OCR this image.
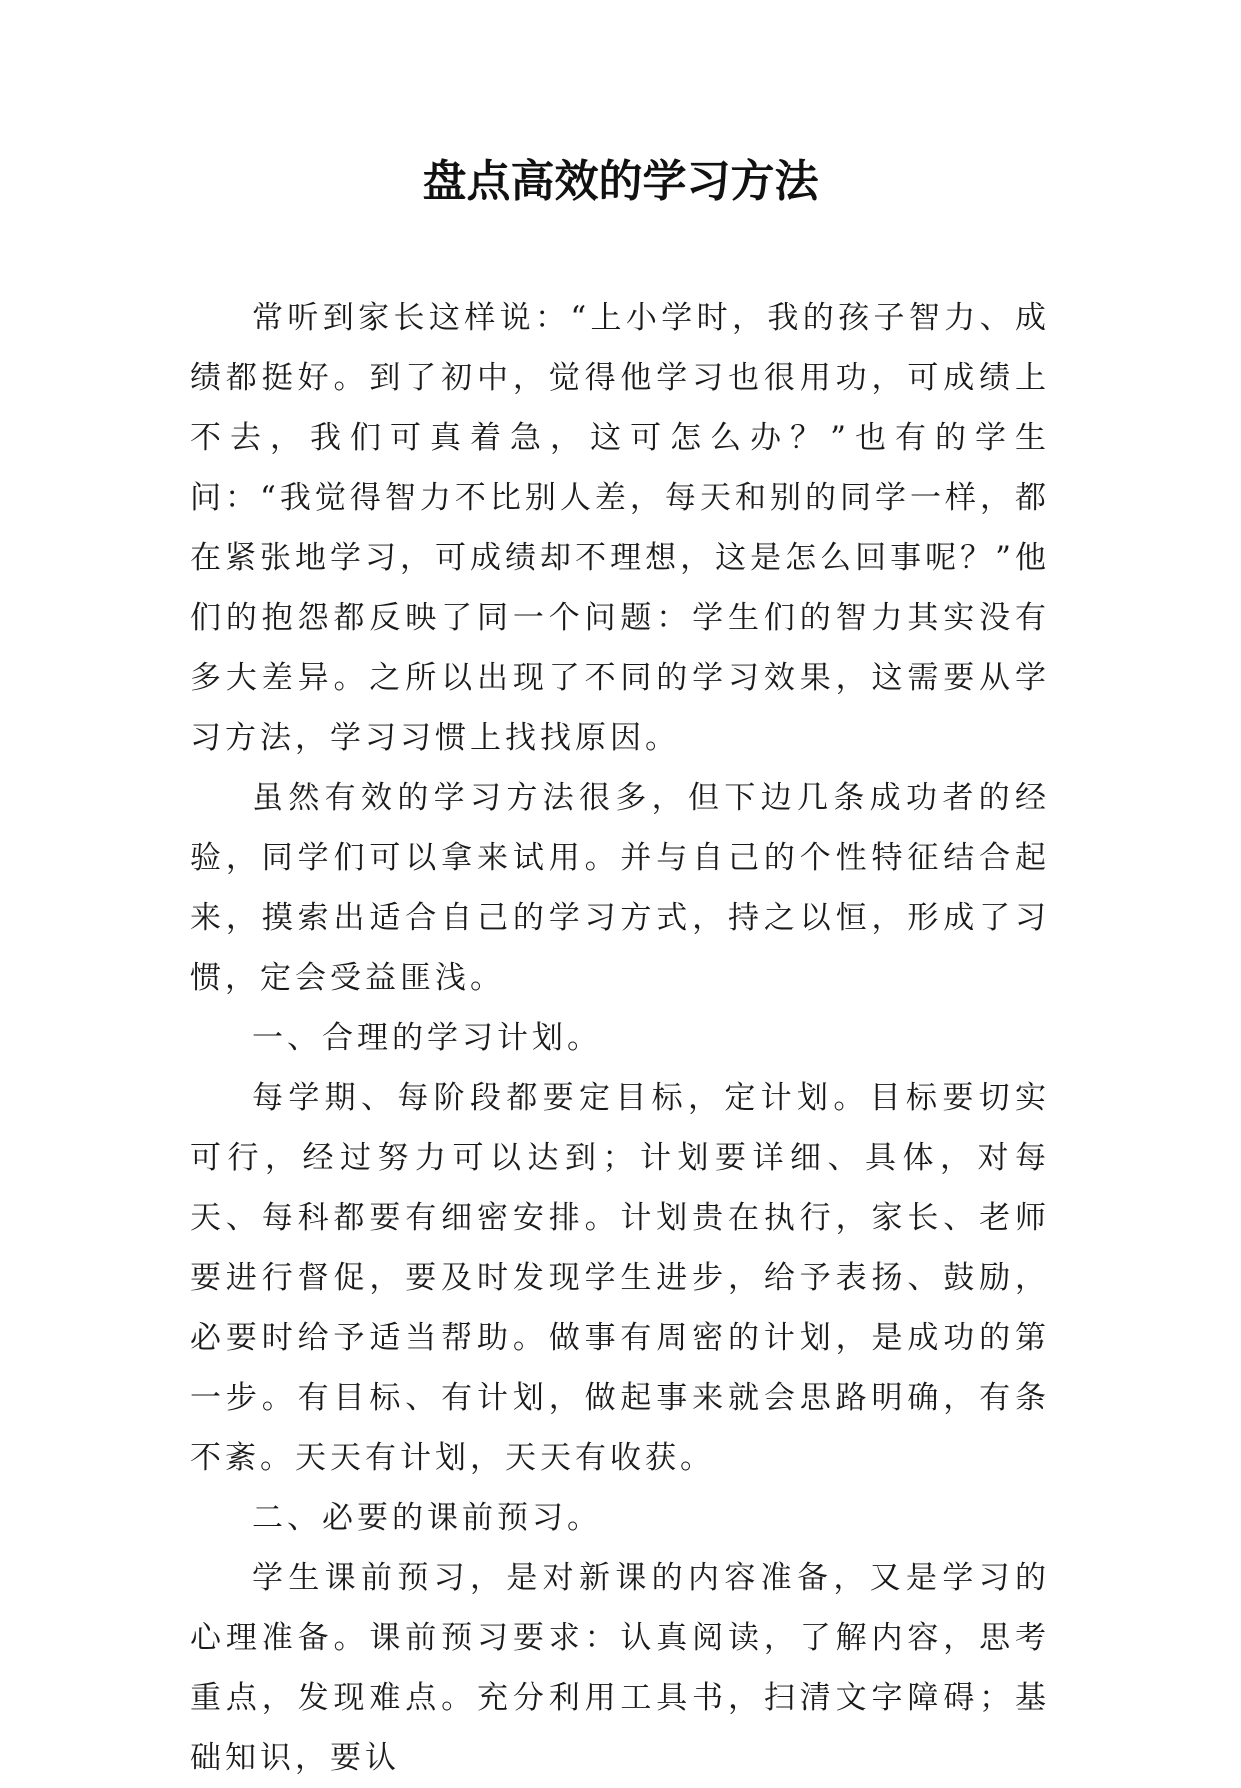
盘点高效的学习方法

常听到家长这样说：“上小学时，我的孩子智力、成绩都挺好。到了初中，觉得他学习也很用功，可成绩上不去，我们可真着急，这可怎么办？”也有的学生问：“我觉得智力不比别人差，每天和别的同学一样，都在紧张地学习，可成绩却不理想，这是怎么回事呢？”他们的抱怨都反映了同一个问题：学生们的智力其实没有多大差异。之所以出现了不同的学习效果，这需要从学习方法，学习习惯上找找原因。

虽然有效的学习方法很多，但下边几条成功者的经验，同学们可以拿来试用。并与自己的个性特征结合起来，摸索出适合自己的学习方式，持之以恒，形成了习惯，定会受益匪浅。

一、合理的学习计划。

每学期、每阶段都要定目标，定计划。目标要切实可行，经过努力可以达到；计划要详细、具体，对每天、每科都要有细密安排。计划贵在执行，家长、老师要进行督促，要及时发现学生进步，给予表扬、鼓励，必要时给予适当帮助。做事有周密的计划，是成功的第一步。有目标、有计划，做起事来就会思路明确，有条不紊。天天有计划，天天有收获。

二、必要的课前预习。

学生课前预习，是对新课的内容准备，又是学习的心理准备。课前预习要求：认真阅读，了解内容，思考重点，发现难点。充分利用工具书，扫清文字障碍；基础知识，要认
